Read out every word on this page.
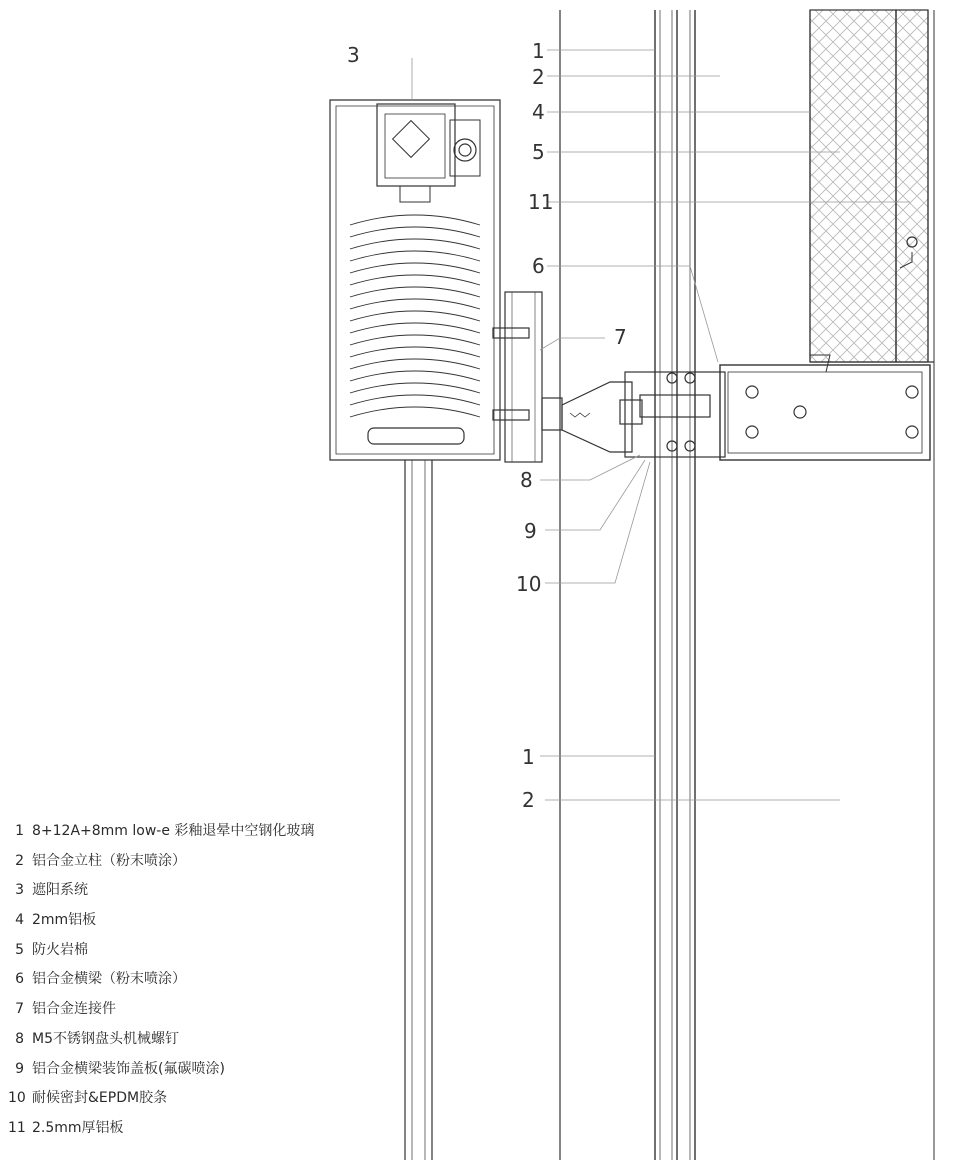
3	1
2
4
5
11
6
7
8
9
10
1
2
1 8+12A+8mm low-e 彩釉退晕中空钢化玻璃
2 铝合金立柱（粉末喷涂）
3 遮阳系统
4 2mm铝板
5 防火岩棉
6 铝合金横梁（粉末喷涂）
7 铝合金连接件
8 M5不锈钢盘头机械螺钉
9 铝合金横梁装饰盖板(氟碳喷涂)
10 耐候密封&EPDM胶条
11 2.5mm厚铝板
